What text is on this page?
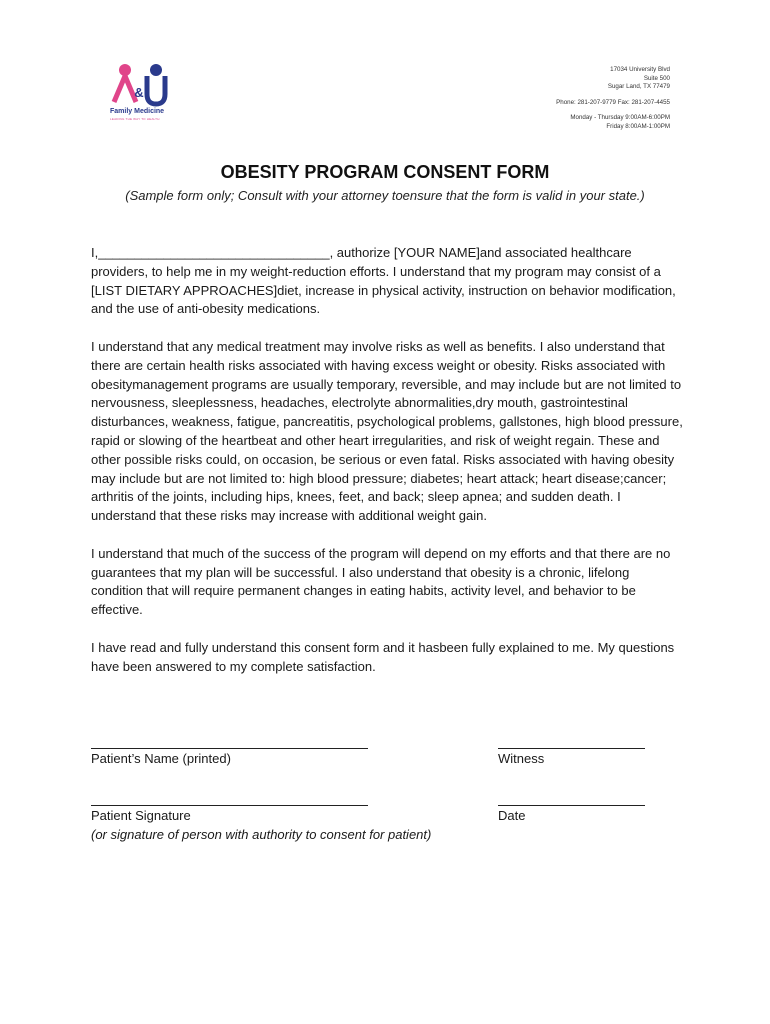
&
Family Medicine
LEADING THE WAY TO HEALTH
17034 University Blvd
Suite 500
Sugar Land, TX 77479
Phone: 281-207-9779 Fax: 281-207-4455
Monday - Thursday 9:00AM-6:00PM
Friday 8:00AM-1:00PM
OBESITY PROGRAM CONSENT FORM
(Sample form only; Consult with your attorney toensure that the form is valid in your state.)

I,________________________________, authorize [YOUR NAME]and associated healthcare providers, to help me in my weight-reduction efforts. I understand that my program may consist of a [LIST DIETARY APPROACHES]diet, increase in physical activity, instruction on behavior modification, and the use of anti-obesity medications.

I understand that any medical treatment may involve risks as well as benefits. I also understand that there are certain health risks associated with having excess weight or obesity. Risks associated with obesitymanagement programs are usually temporary, reversible, and may include but are not limited to nervousness, sleeplessness, headaches, electrolyte abnormalities,dry mouth, gastrointestinal disturbances, weakness, fatigue, pancreatitis, psychological problems, gallstones, high blood pressure, rapid or slowing of the heartbeat and other heart irregularities, and risk of weight regain. These and other possible risks could, on occasion, be serious or even fatal. Risks associated with having obesity may include but are not limited to: high blood pressure; diabetes; heart attack; heart disease;cancer; arthritis of the joints, including hips, knees, feet, and back; sleep apnea; and sudden death. I understand that these risks may increase with additional weight gain.

I understand that much of the success of the program will depend on my efforts and that there are no guarantees that my plan will be successful. I also understand that obesity is a chronic, lifelong condition that will require permanent changes in eating habits, activity level, and behavior to be effective.

I have read and fully understand this consent form and it hasbeen fully explained to me. My questions have been answered to my complete satisfaction.

Patient’s Name (printed)	Witness
Patient Signature	Date
(or signature of person with authority to consent for patient)
